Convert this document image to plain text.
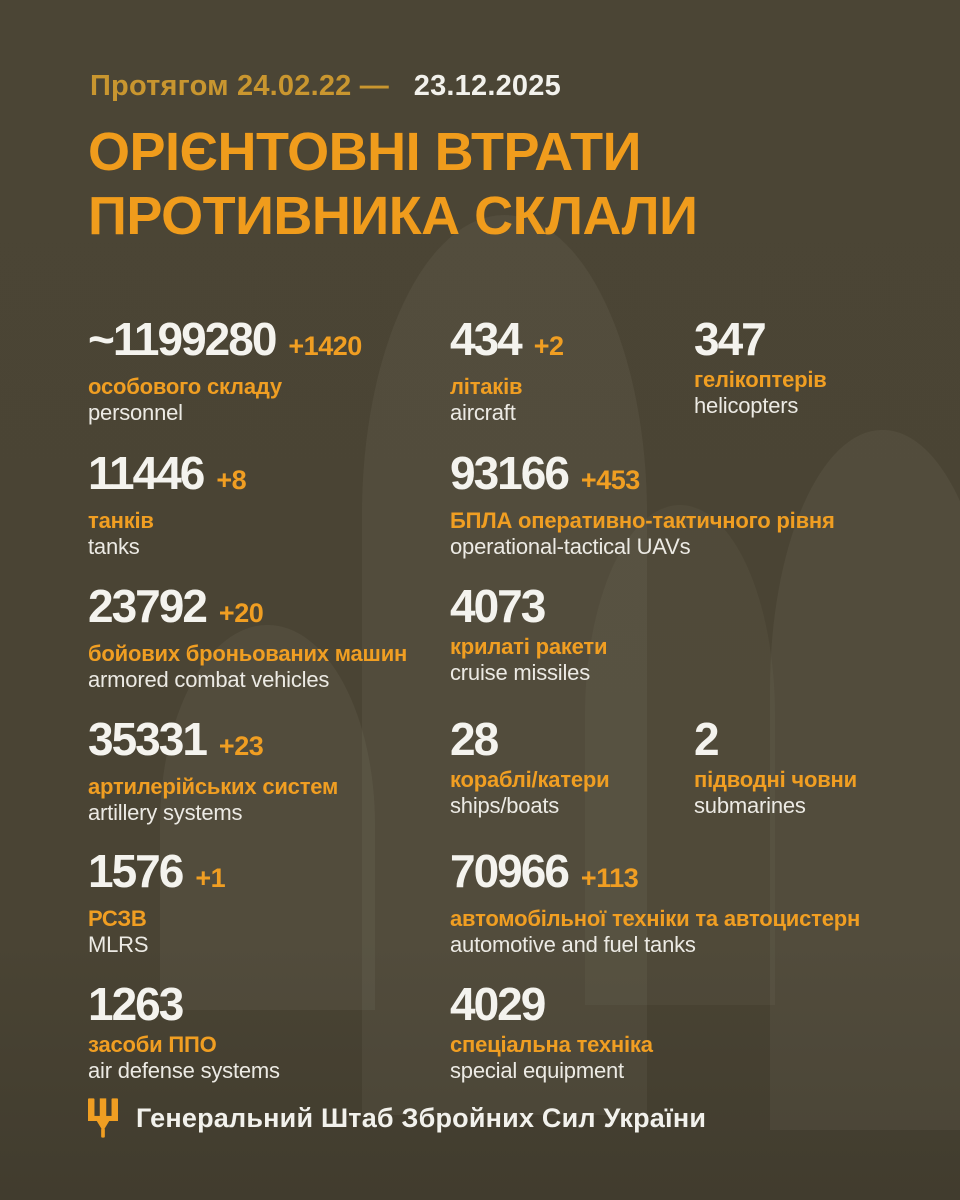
Протягом 24.02.22 — 23.12.2025
ОРІЄНТОВНІ ВТРАТИ
ПРОТИВНИКА СКЛАЛИ
~1199280 +1420
особового складу
personnel
434 +2
літаків
aircraft
347
гелікоптерів
helicopters
11446 +8
танків
tanks
93166 +453
БПЛА оперативно-тактичного рівня
operational-tactical UAVs
23792 +20
бойових броньованих машин
armored combat vehicles
4073
крилаті ракети
cruise missiles
35331 +23
артилерійських систем
artillery systems
28
кораблі/катери
ships/boats
2
підводні човни
submarines
1576 +1
РСЗВ
MLRS
70966 +113
автомобільної техніки та автоцистерн
automotive and fuel tanks
1263
засоби ППО
air defense systems
4029
спеціальна техніка
special equipment
Генеральний Штаб Збройних Сил України
